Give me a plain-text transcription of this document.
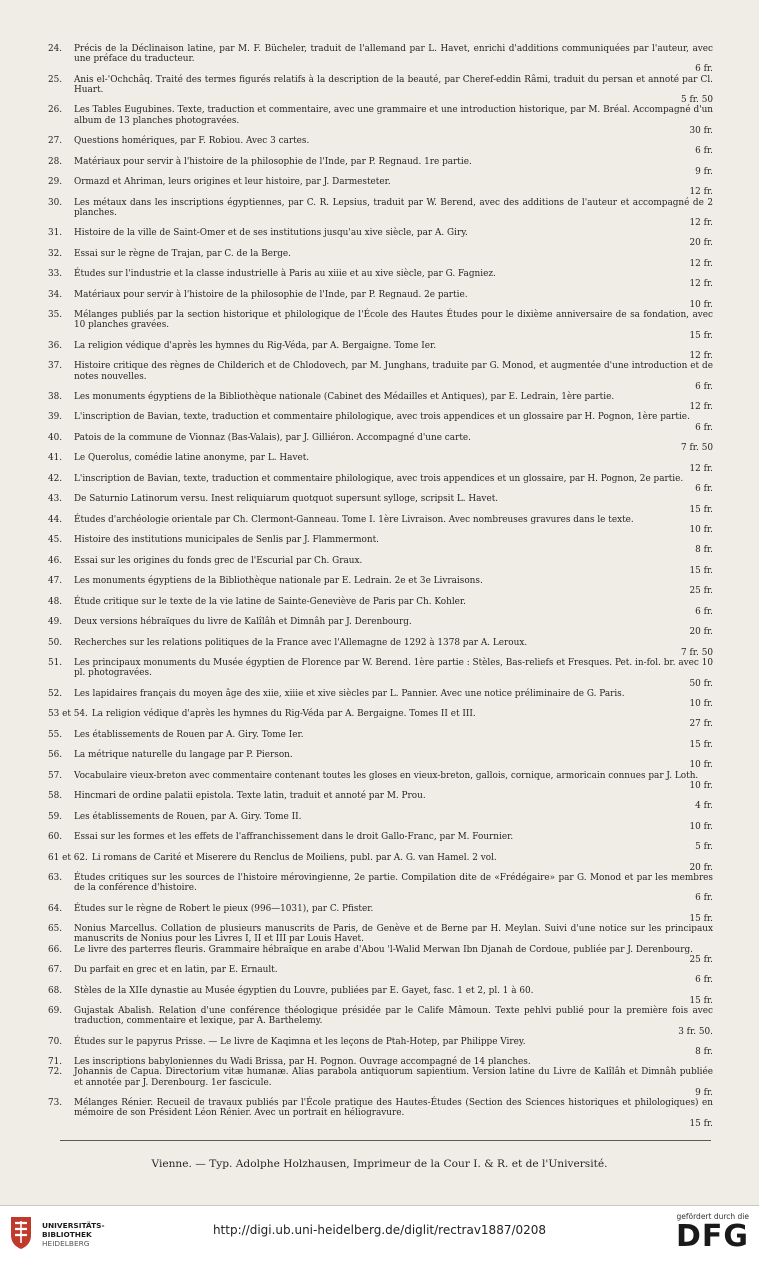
24. Précis de la Déclinaison latine, par M. F. Bücheler, traduit de l'allemand par L. Havet, enrichi d'additions communiquées par l'auteur, avec une préface du traducteur.
6 fr.
25. Anis el-'Ochchâq. Traité des termes figurés relatifs à la description de la beauté, par Cheref-eddin Râmi, traduit du persan et annoté par Cl. Huart.
5 fr. 50
26. Les Tables Eugubines. Texte, traduction et commentaire, avec une grammaire et une introduction historique, par M. Bréal. Accompagné d'un album de 13 planches photogravées.
30 fr.
27. Questions homériques, par F. Robiou. Avec 3 cartes.
6 fr.
28. Matériaux pour servir à l'histoire de la philosophie de l'Inde, par P. Regnaud. 1re partie.
9 fr.
29. Ormazd et Ahriman, leurs origines et leur histoire, par J. Darmesteter.
12 fr.
30. Les métaux dans les inscriptions égyptiennes, par C. R. Lepsius, traduit par W. Berend, avec des additions de l'auteur et accompagné de 2 planches.
12 fr.
31. Histoire de la ville de Saint-Omer et de ses institutions jusqu'au xive siècle, par A. Giry.
20 fr.
32. Essai sur le règne de Trajan, par C. de la Berge.
12 fr.
33. Études sur l'industrie et la classe industrielle à Paris au xiiie et au xive siècle, par G. Fagniez.
12 fr.
34. Matériaux pour servir à l'histoire de la philosophie de l'Inde, par P. Regnaud. 2e partie.
10 fr.
35. Mélanges publiés par la section historique et philologique de l'École des Hautes Études pour le dixième anniversaire de sa fondation, avec 10 planches gravées.
15 fr.
36. La religion védique d'après les hymnes du Rig-Véda, par A. Bergaigne. Tome Ier.
12 fr.
37. Histoire critique des règnes de Childerich et de Chlodovech, par M. Junghans, traduite par G. Monod, et augmentée d'une introduction et de notes nouvelles.
6 fr.
38. Les monuments égyptiens de la Bibliothèque nationale (Cabinet des Médailles et Antiques), par E. Ledrain, 1ère partie.
12 fr.
39. L'inscription de Bavian, texte, traduction et commentaire philologique, avec trois appendices et un glossaire par H. Pognon, 1ère partie.
6 fr.
40. Patois de la commune de Vionnaz (Bas-Valais), par J. Gilliéron. Accompagné d'une carte.
7 fr. 50
41. Le Querolus, comédie latine anonyme, par L. Havet.
12 fr.
42. L'inscription de Bavian, texte, traduction et commentaire philologique, avec trois appendices et un glossaire, par H. Pognon, 2e partie.
6 fr.
43. De Saturnio Latinorum versu. Inest reliquiarum quotquot supersunt sylloge, scripsit L. Havet.
15 fr.
44. Études d'archéologie orientale par Ch. Clermont-Ganneau. Tome I. 1ère Livraison. Avec nombreuses gravures dans le texte.
10 fr.
45. Histoire des institutions municipales de Senlis par J. Flammermont.
8 fr.
46. Essai sur les origines du fonds grec de l'Escurial par Ch. Graux.
15 fr.
47. Les monuments égyptiens de la Bibliothèque nationale par E. Ledrain. 2e et 3e Livraisons.
25 fr.
48. Étude critique sur le texte de la vie latine de Sainte-Geneviève de Paris par Ch. Kohler.
6 fr.
49. Deux versions hébraïques du livre de Kalîlâh et Dimnâh par J. Derenbourg.
20 fr.
50. Recherches sur les relations politiques de la France avec l'Allemagne de 1292 à 1378 par A. Leroux.
7 fr. 50
51. Les principaux monuments du Musée égyptien de Florence par W. Berend. 1ère partie : Stèles, Bas-reliefs et Fresques. Pet. in-fol. br. avec 10 pl. photogravées.
50 fr.
52. Les lapidaires français du moyen âge des xiie, xiiie et xive siècles par L. Pannier. Avec une notice préliminaire de G. Paris.
10 fr.
53 et 54. La religion védique d'après les hymnes du Rig-Véda par A. Bergaigne. Tomes II et III.
27 fr.
55. Les établissements de Rouen par A. Giry. Tome Ier.
15 fr.
56. La métrique naturelle du langage par P. Pierson.
10 fr.
57. Vocabulaire vieux-breton avec commentaire contenant toutes les gloses en vieux-breton, gallois, cornique, armoricain connues par J. Loth.
10 fr.
58. Hincmari de ordine palatii epistola. Texte latin, traduit et annoté par M. Prou.
4 fr.
59. Les établissements de Rouen, par A. Giry. Tome II.
10 fr.
60. Essai sur les formes et les effets de l'affranchissement dans le droit Gallo-Franc, par M. Fournier.
5 fr.
61 et 62. Li romans de Carité et Miserere du Renclus de Moiliens, publ. par A. G. van Hamel. 2 vol.
20 fr.
63. Études critiques sur les sources de l'histoire mérovingienne, 2e partie. Compilation dite de «Frédégaire» par G. Monod et par les membres de la conférence d'histoire.
6 fr.
64. Études sur le règne de Robert le pieux (996—1031), par C. Pfister.
15 fr.
65. Nonius Marcellus. Collation de plusieurs manuscrits de Paris, de Genève et de Berne par H. Meylan. Suivi d'une notice sur les principaux manuscrits de Nonius pour les Livres I, II et III par Louis Havet.
66. Le livre des parterres fleuris. Grammaire hébraïque en arabe d'Abou 'l-Walid Merwan Ibn Djanah de Cordoue, publiée par J. Derenbourg.
25 fr.
67. Du parfait en grec et en latin, par E. Ernault.
6 fr.
68. Stèles de la XIIe dynastie au Musée égyptien du Louvre, publiées par E. Gayet, fasc. 1 et 2, pl. 1 à 60.
15 fr.
69. Gujastak Abalish. Relation d'une conférence théologique présidée par le Calife Mâmoun. Texte pehlvi publié pour la première fois avec traduction, commentaire et lexique, par A. Barthelemy.
3 fr. 50.
70. Études sur le papyrus Prisse. — Le livre de Kaqimna et les leçons de Ptah-Hotep, par Philippe Virey.
8 fr.
71. Les inscriptions babyloniennes du Wadi Brissa, par H. Pognon. Ouvrage accompagné de 14 planches.
72. Johannis de Capua. Directorium vitæ humanæ. Alias parabola antiquorum sapientium. Version latine du Livre de Kalîlâh et Dimnâh publiée et annotée par J. Derenbourg. 1er fascicule.
9 fr.
73. Mélanges Rénier. Recueil de travaux publiés par l'École pratique des Hautes-Études (Section des Sciences historiques et philologiques) en mémoire de son Président Léon Rénier. Avec un portrait en héliogravure.
15 fr.
Vienne. — Typ. Adolphe Holzhausen, Imprimeur de la Cour I. & R. et de l'Université.
UNIVERSITÄTS-
BIBLIOTHEK
HEIDELBERG
http://digi.ub.uni-heidelberg.de/diglit/rectrav1887/0208
gefördert durch die
DFG
